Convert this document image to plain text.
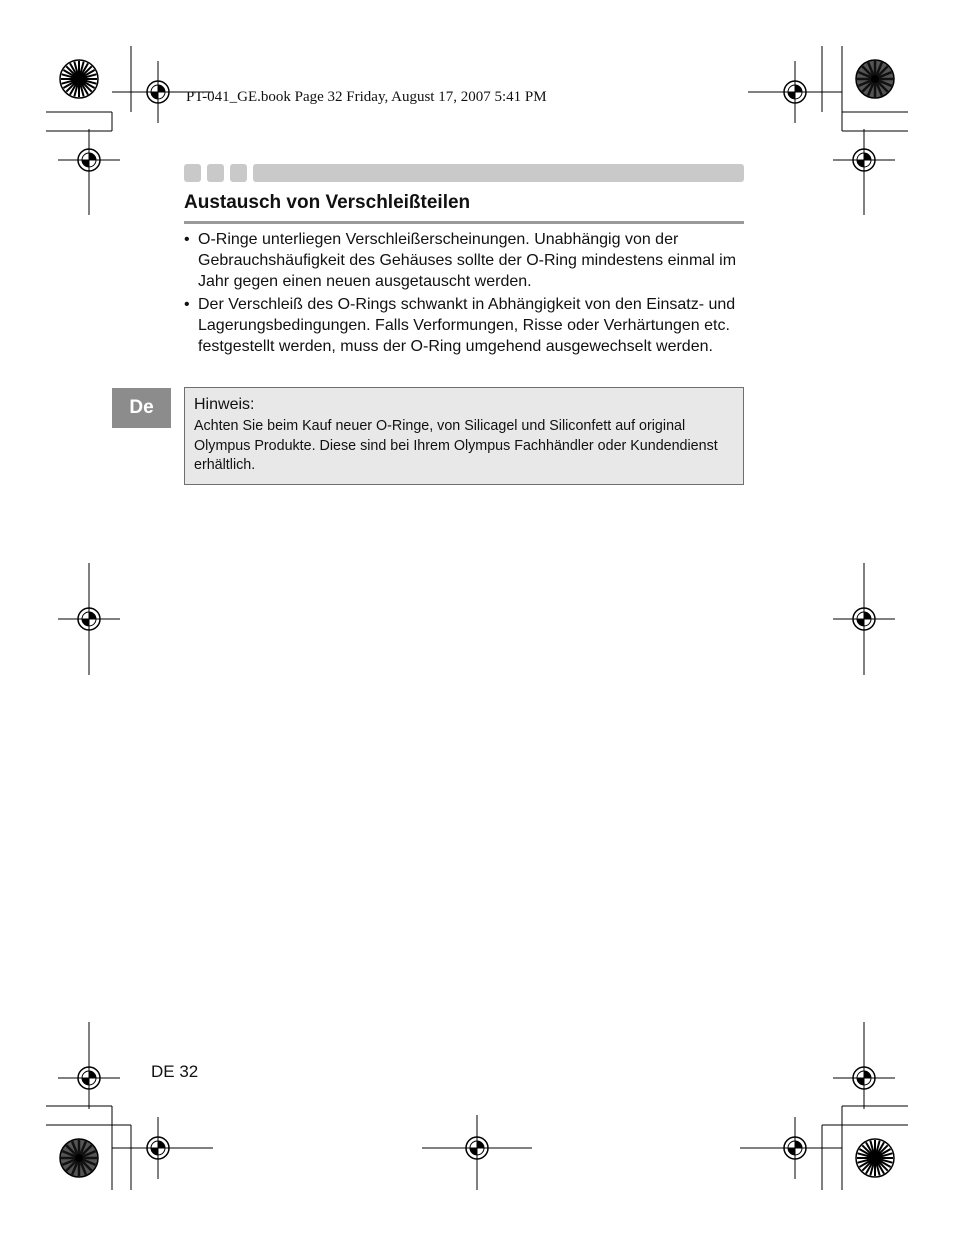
PT-041_GE.book Page 32 Friday, August 17, 2007 5:41 PM

Austausch von Verschleißteilen
• O-Ringe unterliegen Verschleißerscheinungen. Unabhängig von der Gebrauchshäufigkeit des Gehäuses sollte der O-Ring mindestens einmal im Jahr gegen einen neuen ausgetauscht werden.
• Der Verschleiß des O-Rings schwankt in Abhängigkeit von den Einsatz- und Lagerungsbedingungen. Falls Verformungen, Risse oder Verhärtungen etc. festgestellt werden, muss der O-Ring umgehend ausgewechselt werden.
De	Hinweis:

Achten Sie beim Kauf neuer O-Ringe, von Silicagel und Siliconfett auf original Olympus Produkte. Diese sind bei Ihrem Olympus Fachhändler oder Kundendienst erhältlich.

DE 32
